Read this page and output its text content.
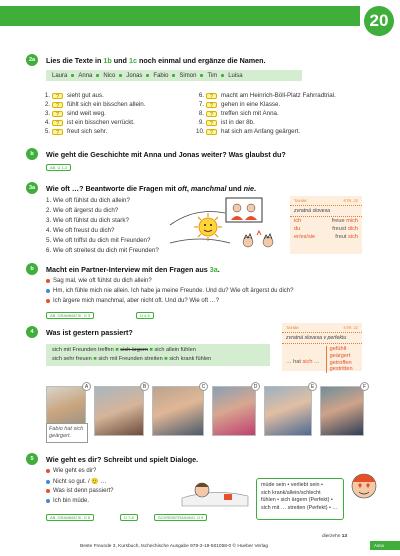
20
2a	Lies die Texte in 1b und 1c noch einmal und ergänze die Namen.
Laura Anna Nico Jonas Fabio Simon Tim Luisa
1.	?	sieht gut aus.
2.	?	fühlt sich ein bisschen allein.
3.	?	sind weit weg.
4.	?	ist ein bisschen verrückt.
5.	?	freut sich sehr.
6.	?	macht am Heinrich-Böll-Platz Fahrradtrial.
7.	?	gehen in eine Klasse.
8.	?	treffen sich mit Anna.
9.	?	ist in der 8b.
10.	?	hat sich am Anfang geärgert.
b	Wie geht die Geschichte mit Anna und Jonas weiter? Was glaubst du?
AB, Ü 1-2
3a	Wie oft …? Beantworte die Fragen mit oft, manchmal und nie.
1. Wie oft fühlst du dich allein?
2. Wie oft ärgerst du dich?
3. Wie oft fühlst du dich stark?
4. Wie oft freust du dich?
5. Wie oft triffst du dich mit Freunden?
6. Wie oft streitest du dich mit Freunden?
TAHÁK	STR. 22
zvratná slovesa
ich	freue mich
du	freust dich
er/es/sie	freut sich
b	Macht ein Partner-Interview mit den Fragen aus 3a.
Sag mal, wie oft fühlst du dich allein?
Hm, ich fühle mich nie allein. Ich habe ja meine Freunde. Und du? Wie oft ärgerst du dich?
Ich ärgere mich manchmal, aber nicht oft. Und du? Wie oft …?
AB, GRAMMATIK, Ü 3	Ü 4-5
4	Was ist gestern passiert?
sich mit Freunden treffen ■ sich ärgern ■ sich allein fühlen
sich sehr freuen ■ sich mit Freunden streiten ■ sich krank fühlen
TAHÁK	STR. 22
zvratná slovesa v perfektu
… hat sich …
gefühlt
geärgert
getroffen
gestritten
A	B	C	D	E	F
Fabio hat sich geärgert.
5	Wie geht es dir? Schreibt und spielt Dialoge.
Wie geht es dir?
Nicht so gut. / 🙂 …
Was ist denn passiert?
Ich bin müde.
müde sein • verliebt sein •
sich krank/allein/schlecht
fühlen • sich ärgern (Perfekt) •
sich mit … streiten (Perfekt) • …
AB, GRAMMATIK, Ü 6	Ü 7-8	SCHREIBTRAINING, Ü 9
Beste Freunde 3, Kursbuch, tschechische Ausgabe 978-3-19-501058-0 © Hueber Verlag
dierzehn 13
Anna
